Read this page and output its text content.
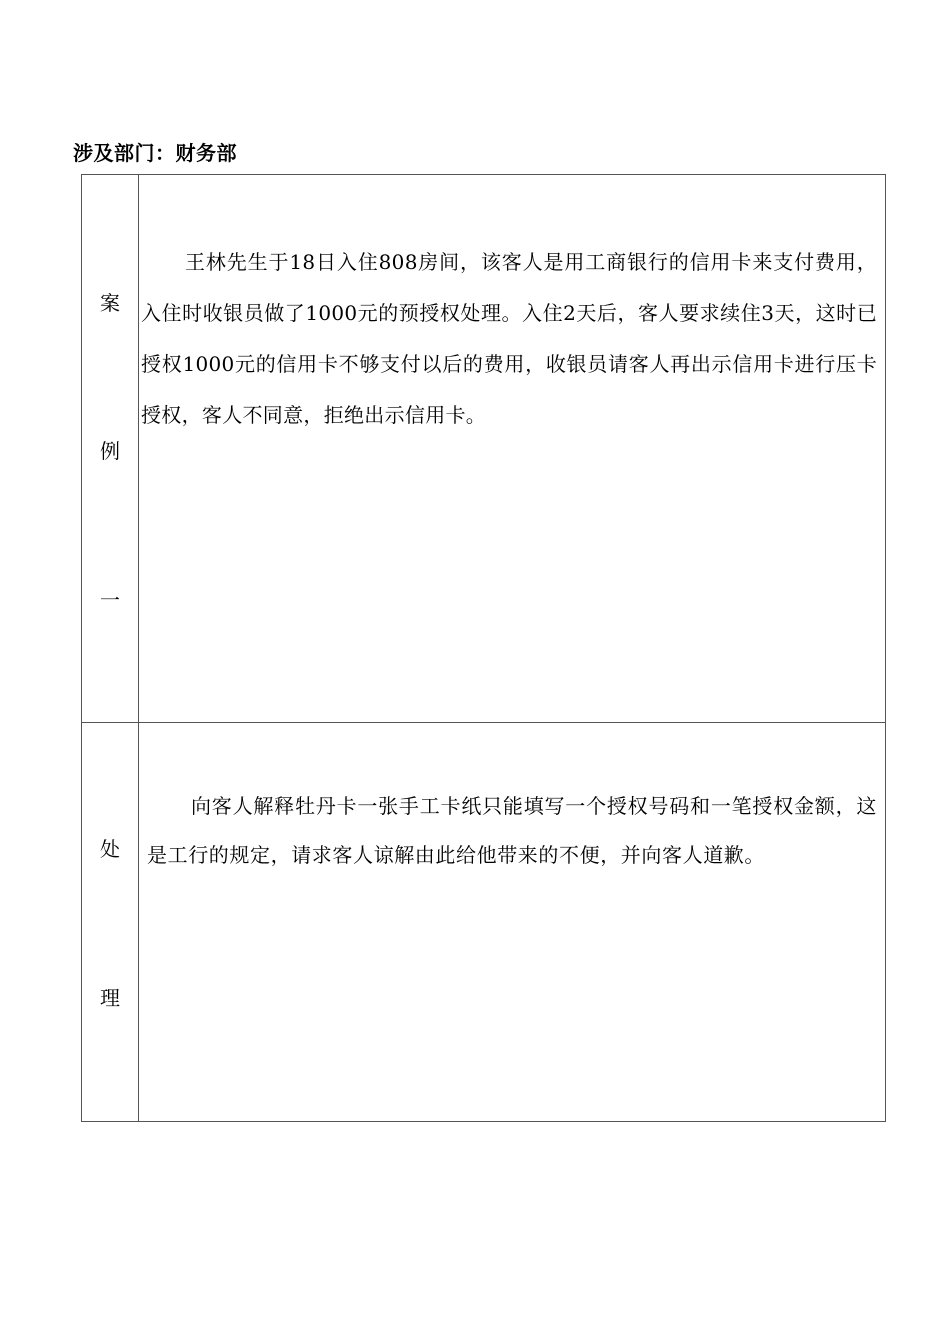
涉及部门：财务部
案
例
一	王林先生于18日入住808房间，该客人是用工商银行的信用卡来支付费用，入住时收银员做了1000元的预授权处理。入住2天后，客人要求续住3天，这时已授权1000元的信用卡不够支付以后的费用，收银员请客人再出示信用卡进行压卡授权，客人不同意，拒绝出示信用卡。

处
理	向客人解释牡丹卡一张手工卡纸只能填写一个授权号码和一笔授权金额，这是工行的规定，请求客人谅解由此给他带来的不便，并向客人道歉。
